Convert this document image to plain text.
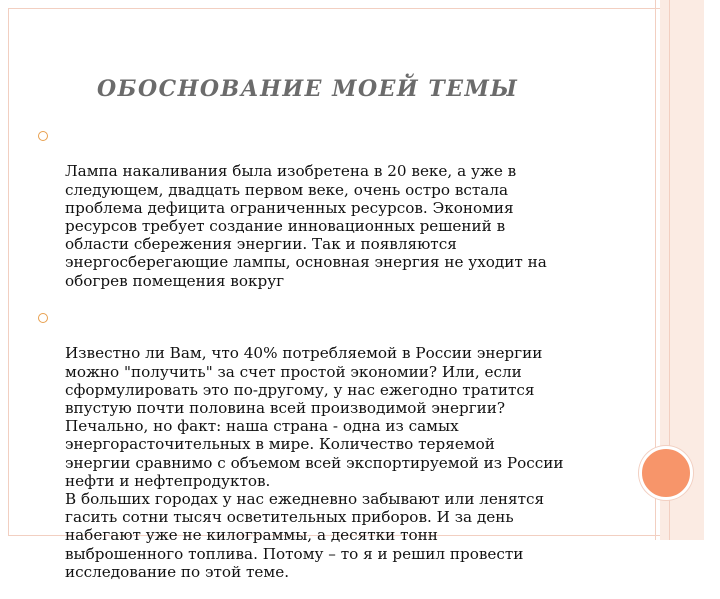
ОБОСНОВАНИЕ МОЕЙ ТЕМЫ

Лампа накаливания была изобретена в 20 веке, а уже в
следующем, двадцать первом веке, очень остро встала
проблема дефицита ограниченных ресурсов. Экономия
ресурсов требует создание инновационных решений в
области сбережения энергии. Так и появляются
энергосберегающие лампы, основная энергия не уходит на
обогрев помещения вокруг

Известно ли Вам, что 40% потребляемой в России энергии
можно "получить" за счет простой экономии? Или, если
сформулировать это по-другому, у нас ежегодно тратится
впустую почти половина всей производимой энергии?
Печально, но факт: наша страна - одна из самых
энергорасточительных в мире. Количество теряемой
энергии сравнимо с объемом всей экспортируемой из России
нефти и нефтепродуктов.
В больших городах у нас ежедневно забывают или ленятся
гасить сотни тысяч осветительных приборов. И за день
набегают уже не килограммы, а десятки тонн
выброшенного топлива. Потому – то я и решил провести
исследование по этой теме.
